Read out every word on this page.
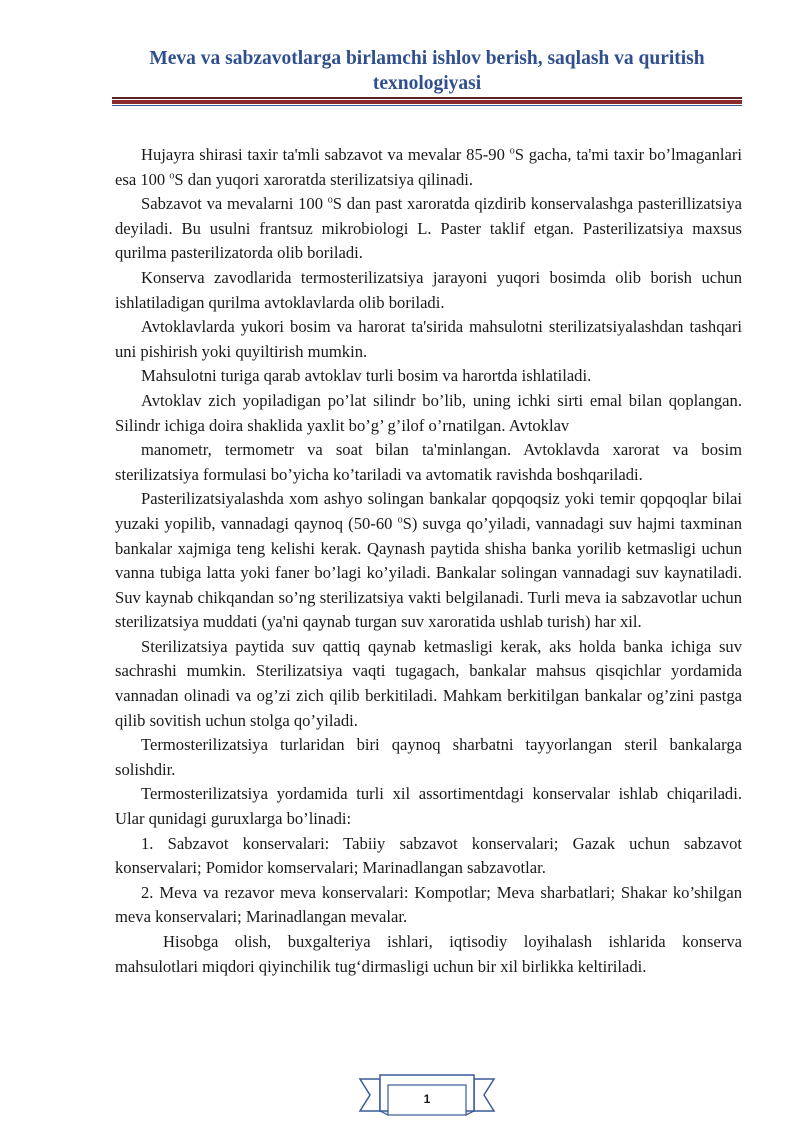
Meva va sabzavotlarga birlamchi ishlov berish, saqlash va quritish texnologiyasi

Hujayra shirasi taxir ta'mli sabzavot va mevalar 85-90 $^o$S gacha, ta'mi taxir bo’lmaganlari esa 100 $^o$S dan yuqori xaroratda sterilizatsiya qilinadi.

Sabzavot va mevalarni 100 $^o$S dan past xaroratda qizdirib konservalashga pasterillizatsiya deyiladi. Bu usulni frantsuz mikrobiologi L. Paster taklif etgan. Pasterilizatsiya maxsus qurilma pasterilizatorda olib boriladi.

Konserva zavodlarida termosterilizatsiya jarayoni yuqori bosimda olib borish uchun ishlatiladigan qurilma avtoklavlarda olib boriladi.

Avtoklavlarda yukori bosim va harorat ta'sirida mahsulotni sterilizatsiyalashdan tashqari uni pishirish yoki quyiltirish mumkin.

Mahsulotni turiga qarab avtoklav turli bosim va harortda ishlatiladi.

Avtoklav zich yopiladigan po’lat silindr bo’lib, uning ichki sirti emal bilan qoplangan. Silindr ichiga doira shaklida yaxlit bo’g’ g’ilof o’rnatilgan. Avtoklav

manometr, termometr va soat bilan ta'minlangan. Avtoklavda xarorat va bosim sterilizatsiya formulasi bo’yicha ko’tariladi va avtomatik ravishda boshqariladi.

Pasterilizatsiyalashda xom ashyo solingan bankalar qopqoqsiz yoki temir qopqoqlar bilai yuzaki yopilib, vannadagi qaynoq (50-60 $^o$S) suvga qo’yiladi, vannadagi suv hajmi taxminan bankalar xajmiga teng kelishi kerak. Qaynash paytida shisha banka yorilib ketmasligi uchun vanna tubiga latta yoki faner bo’lagi ko’yiladi. Bankalar solingan vannadagi suv kaynatiladi. Suv kaynab chikqandan so’ng sterilizatsiya vakti belgilanadi. Turli meva ia sabzavotlar uchun sterilizatsiya muddati (ya'ni qaynab turgan suv xaroratida ushlab turish) har xil.

Sterilizatsiya paytida suv qattiq qaynab ketmasligi kerak, aks holda banka ichiga suv sachrashi mumkin. Sterilizatsiya vaqti tugagach, bankalar mahsus qisqichlar yordamida vannadan olinadi va og’zi zich qilib berkitiladi. Mahkam berkitilgan bankalar og’zini pastga qilib sovitish uchun stolga qo’yiladi.

Termosterilizatsiya turlaridan biri qaynoq sharbatni tayyorlangan steril bankalarga solishdir.

Termosterilizatsiya yordamida turli xil assortimentdagi konservalar ishlab chiqariladi. Ular qunidagi guruxlarga bo’linadi:

1. Sabzavot konservalari: Tabiiy sabzavot konservalari; Gazak uchun sabzavot konservalari; Pomidor komservalari; Marinadlangan sabzavotlar.

2. Meva va rezavor meva konservalari: Kompotlar; Meva sharbatlari; Shakar ko’shilgan meva konservalari; Marinadlangan mevalar.

Hisobga olish, buxgalteriya ishlari, iqtisodiy loyihalash ishlarida konserva mahsulotlari miqdori qiyinchilik tug‘dirmasligi uchun bir xil birlikka keltiriladi.

1
